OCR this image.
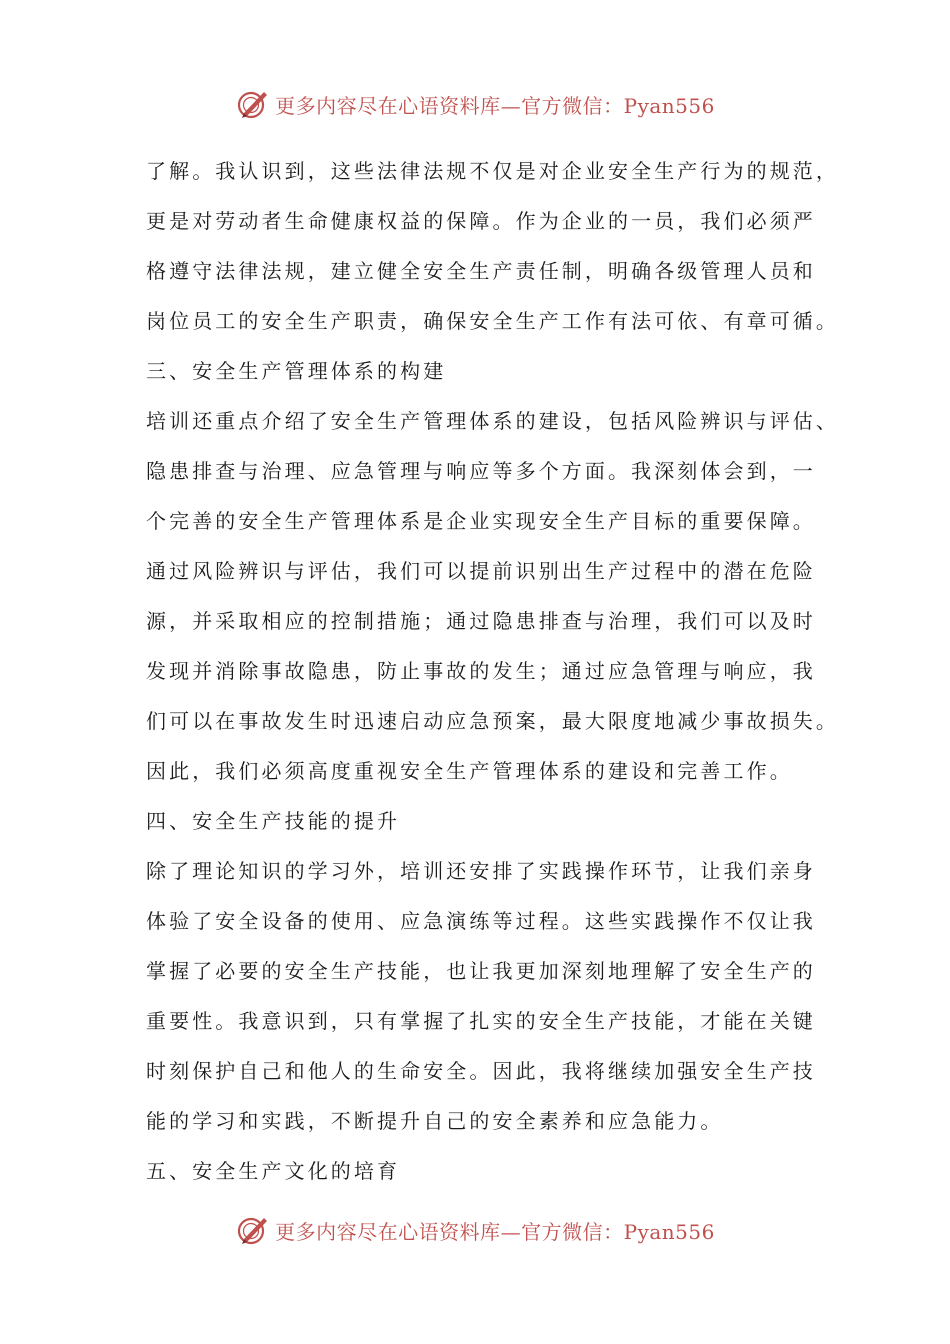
更多内容尽在心语资料库—官方微信：Pyan556
了解。我认识到，这些法律法规不仅是对企业安全生产行为的规范，
更是对劳动者生命健康权益的保障。作为企业的一员，我们必须严
格遵守法律法规，建立健全安全生产责任制，明确各级管理人员和
岗位员工的安全生产职责，确保安全生产工作有法可依、有章可循。
三、安全生产管理体系的构建
培训还重点介绍了安全生产管理体系的建设，包括风险辨识与评估、
隐患排查与治理、应急管理与响应等多个方面。我深刻体会到，一
个完善的安全生产管理体系是企业实现安全生产目标的重要保障。
通过风险辨识与评估，我们可以提前识别出生产过程中的潜在危险
源，并采取相应的控制措施；通过隐患排查与治理，我们可以及时
发现并消除事故隐患，防止事故的发生；通过应急管理与响应，我
们可以在事故发生时迅速启动应急预案，最大限度地减少事故损失。
因此，我们必须高度重视安全生产管理体系的建设和完善工作。
四、安全生产技能的提升
除了理论知识的学习外，培训还安排了实践操作环节，让我们亲身
体验了安全设备的使用、应急演练等过程。这些实践操作不仅让我
掌握了必要的安全生产技能，也让我更加深刻地理解了安全生产的
重要性。我意识到，只有掌握了扎实的安全生产技能，才能在关键
时刻保护自己和他人的生命安全。因此，我将继续加强安全生产技
能的学习和实践，不断提升自己的安全素养和应急能力。
五、安全生产文化的培育
更多内容尽在心语资料库—官方微信：Pyan556
